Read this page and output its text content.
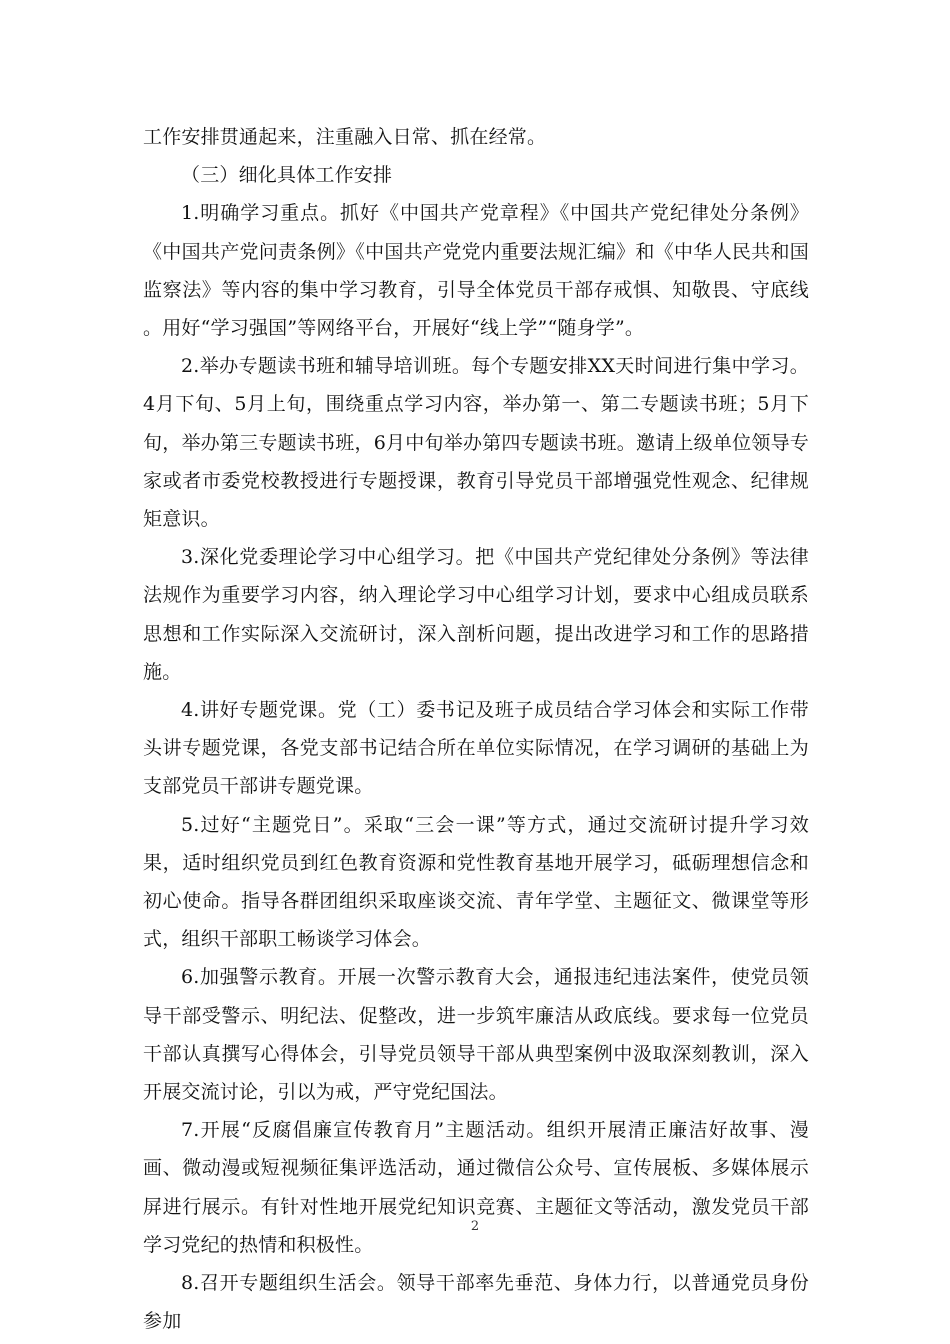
工作安排贯通起来，注重融入日常、抓在经常。

（三）细化具体工作安排

1.明确学习重点。抓好《中国共产党章程》《中国共产党纪律处分条例》《中国共产党问责条例》《中国共产党党内重要法规汇编》和《中华人民共和国监察法》等内容的集中学习教育，引导全体党员干部存戒惧、知敬畏、守底线 。用好“学习强国”等网络平台，开展好“线上学”“随身学”。

2.举办专题读书班和辅导培训班。每个专题安排XX天时间进行集中学习。4月下旬、5月上旬，围绕重点学习内容，举办第一、第二专题读书班；5月下旬，举办第三专题读书班，6月中旬举办第四专题读书班。邀请上级单位领导专家或者市委党校教授进行专题授课，教育引导党员干部增强党性观念、纪律规矩意识。

3.深化党委理论学习中心组学习。把《中国共产党纪律处分条例》等法律法规作为重要学习内容，纳入理论学习中心组学习计划，要求中心组成员联系思想和工作实际深入交流研讨，深入剖析问题，提出改进学习和工作的思路措施。

4.讲好专题党课。党（工）委书记及班子成员结合学习体会和实际工作带头讲专题党课，各党支部书记结合所在单位实际情况，在学习调研的基础上为支部党员干部讲专题党课。

5.过好“主题党日”。采取“三会一课”等方式，通过交流研讨提升学习效果，适时组织党员到红色教育资源和党性教育基地开展学习，砥砺理想信念和初心使命。指导各群团组织采取座谈交流、青年学堂、主题征文、微课堂等形式，组织干部职工畅谈学习体会。

6.加强警示教育。开展一次警示教育大会，通报违纪违法案件，使党员领导干部受警示、明纪法、促整改，进一步筑牢廉洁从政底线。要求每一位党员干部认真撰写心得体会，引导党员领导干部从典型案例中汲取深刻教训，深入开展交流讨论，引以为戒，严守党纪国法。

7.开展“反腐倡廉宣传教育月”主题活动。组织开展清正廉洁好故事、漫画、微动漫或短视频征集评选活动，通过微信公众号、宣传展板、多媒体展示屏进行展示。有针对性地开展党纪知识竞赛、主题征文等活动，激发党员干部学习党纪的热情和积极性。

8.召开专题组织生活会。领导干部率先垂范、身体力行，以普通党员身份参加

2
